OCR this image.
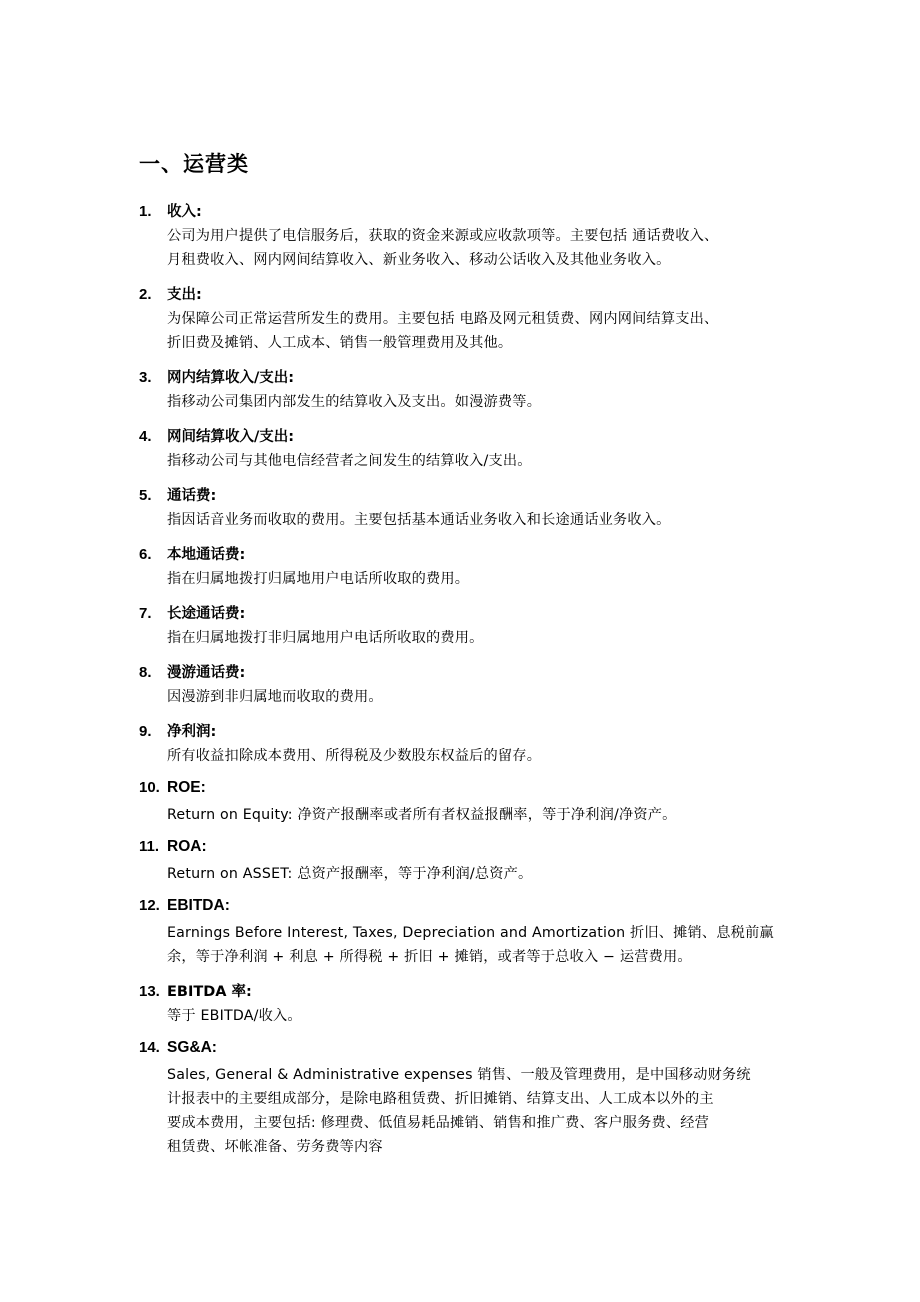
一、运营类
1.	收入:
公司为用户提供了电信服务后，获取的资金来源或应收款项等。主要包括 通话费收入、
月租费收入、网内网间结算收入、新业务收入、移动公话收入及其他业务收入。
2.	支出:
为保障公司正常运营所发生的费用。主要包括 电路及网元租赁费、网内网间结算支出、
折旧费及摊销、人工成本、销售一般管理费用及其他。
3.	网内结算收入/支出:
指移动公司集团内部发生的结算收入及支出。如漫游费等。
4.	网间结算收入/支出:
指移动公司与其他电信经营者之间发生的结算收入/支出。
5.	通话费:
指因话音业务而收取的费用。主要包括基本通话业务收入和长途通话业务收入。
6.	本地通话费:
指在归属地拨打归属地用户电话所收取的费用。
7.	长途通话费:
指在归属地拨打非归属地用户电话所收取的费用。
8.	漫游通话费:
因漫游到非归属地而收取的费用。
9.	净利润:
所有收益扣除成本费用、所得税及少数股东权益后的留存。
10. ROE:
Return on Equity: 净资产报酬率或者所有者权益报酬率，等于净利润/净资产。
11. ROA:
Return on ASSET: 总资产报酬率，等于净利润/总资产。
12. EBITDA:
Earnings Before Interest, Taxes, Depreciation and Amortization 折旧、摊销、息税前赢
余，等于净利润 + 利息 + 所得税 + 折旧 + 摊销，或者等于总收入 − 运营费用。
13. EBITDA 率:
等于 EBITDA/收入。
14. SG&A:
Sales, General & Administrative expenses 销售、一般及管理费用，是中国移动财务统
计报表中的主要组成部分，是除电路租赁费、折旧摊销、结算支出、人工成本以外的主
要成本费用，主要包括: 修理费、低值易耗品摊销、销售和推广费、客户服务费、经营
租赁费、坏帐准备、劳务费等内容
